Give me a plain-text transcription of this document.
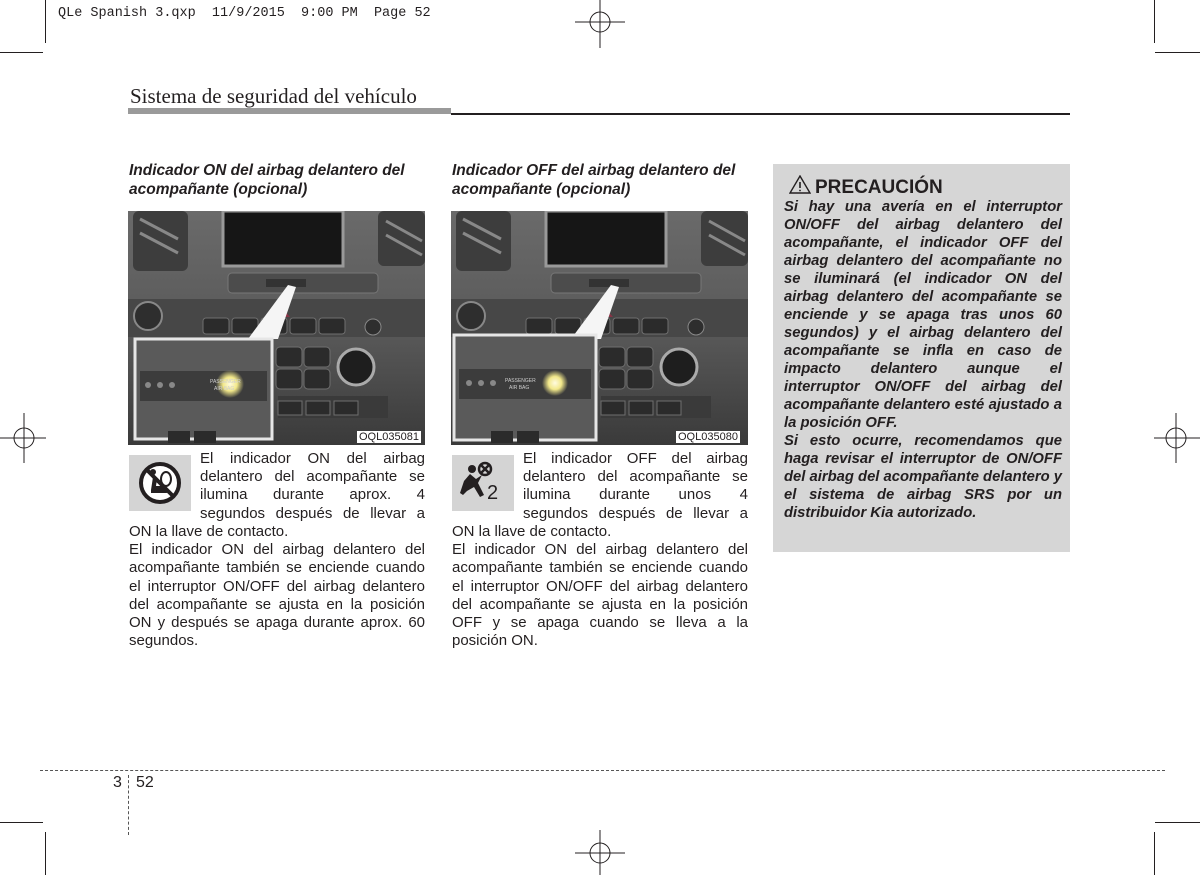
QLe Spanish 3.qxp  11/9/2015  9:00 PM  Page 52
Sistema de seguridad del vehículo
Indicador ON del airbag delantero del
acompañante (opcional)
PASSENGER
AIR BAG
OQL035081

El indicador ON del airbag

delantero del acompañante se

ilumina durante aprox. 4

segundos después de llevar a

ON la llave de contacto.

El indicador ON del airbag delantero del acompañante también se enciende cuando el interruptor ON/OFF del airbag delantero del acompañante se ajusta en la posición ON y después se apaga durante aprox. 60 segundos.

Indicador OFF del airbag delantero del
acompañante (opcional)
PASSENGER
AIR BAG
OQL035080
2

El indicador OFF del airbag

delantero del acompañante se

ilumina durante unos 4

segundos después de llevar a

ON la llave de contacto.

El indicador ON del airbag delantero del acompañante también se enciende cuando el interruptor ON/OFF del airbag delantero del acompañante se ajusta en la posición OFF y se apaga cuando se lleva a la posición ON.

PRECAUCIÓN

Si hay una avería en el interruptor ON/OFF del airbag delantero del acompañante, el indicador OFF del airbag delantero del acompañante no se iluminará (el indicador ON del airbag delantero del acompañante se enciende y se apaga tras unos 60 segundos) y el airbag delantero del acompañante se infla en caso de impacto delantero aunque el interruptor ON/OFF del airbag del acompañante delantero esté ajustado a la posición OFF.

Si esto ocurre, recomendamos que haga revisar el interruptor de ON/OFF del airbag del acompañante delantero y el sistema de airbag SRS por un distribuidor Kia autorizado.

3 52
